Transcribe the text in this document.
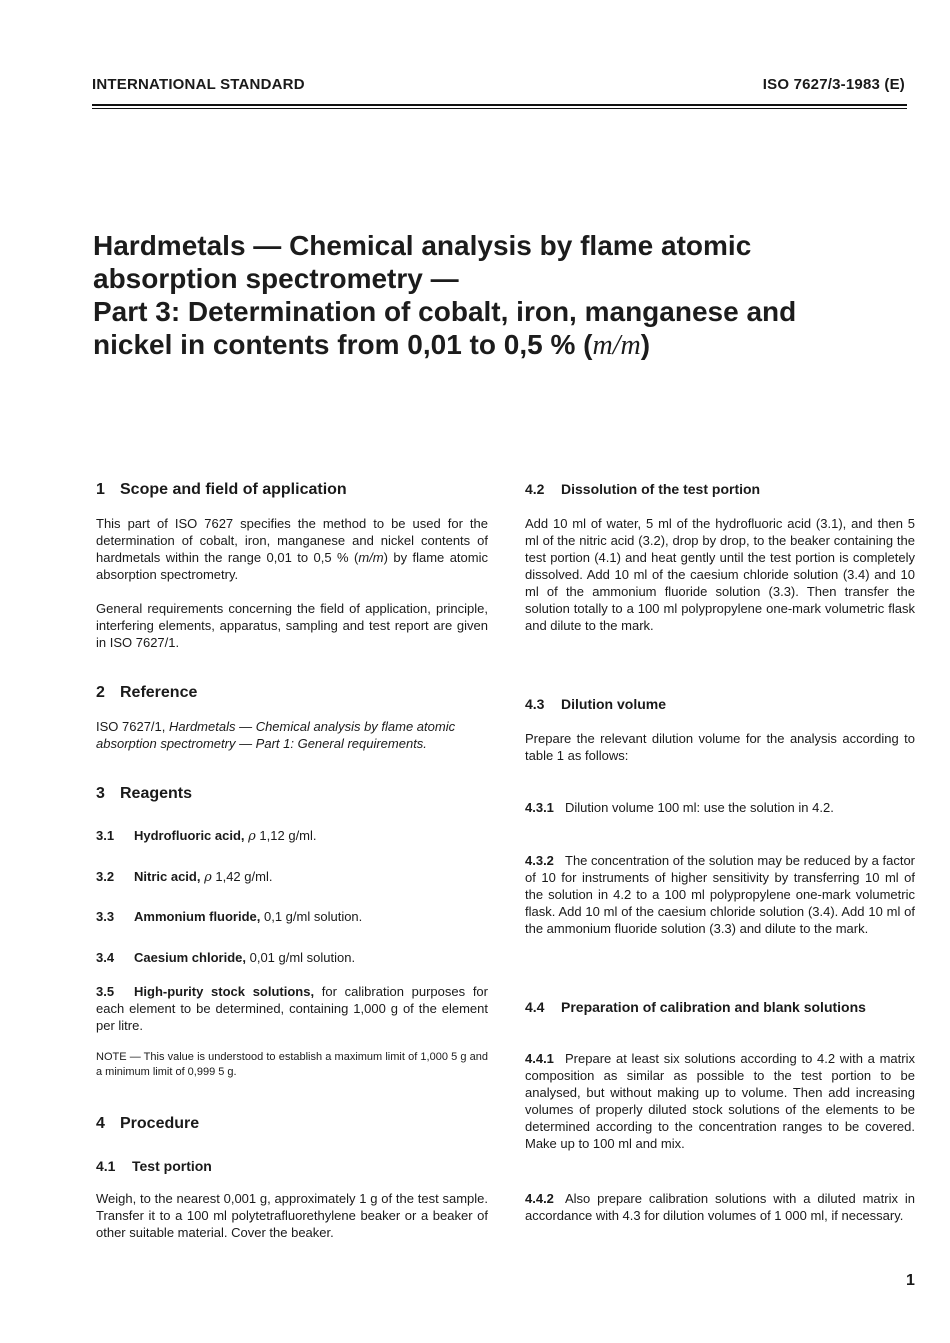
INTERNATIONAL STANDARD	ISO 7627/3-1983 (E)
Hardmetals — Chemical analysis by flame atomic
absorption spectrometry —
Part 3: Determination of cobalt, iron, manganese and
nickel in contents from 0,01 to 0,5 % (m/m)
1 Scope and field of application
This part of ISO 7627 specifies the method to be used for the determination of cobalt, iron, manganese and nickel contents of hardmetals within the range 0,01 to 0,5 % (m/m) by flame atomic absorption spectrometry.
General requirements concerning the field of application, principle, interfering elements, apparatus, sampling and test report are given in ISO 7627/1.
2 Reference
ISO 7627/1, Hardmetals — Chemical analysis by flame atomic absorption spectrometry — Part 1: General requirements.
3 Reagents
3.1 Hydrofluoric acid, ρ 1,12 g/ml.
3.2 Nitric acid, ρ 1,42 g/ml.
3.3 Ammonium fluoride, 0,1 g/ml solution.
3.4 Caesium chloride, 0,01 g/ml solution.
3.5 High-purity stock solutions, for calibration purposes for each element to be determined, containing 1,000 g of the element per litre.
NOTE — This value is understood to establish a maximum limit of 1,000 5 g and a minimum limit of 0,999 5 g.
4 Procedure
4.1 Test portion
Weigh, to the nearest 0,001 g, approximately 1 g of the test sample. Transfer it to a 100 ml polytetrafluorethylene beaker or a beaker of other suitable material. Cover the beaker.
4.2 Dissolution of the test portion
Add 10 ml of water, 5 ml of the hydrofluoric acid (3.1), and then 5 ml of the nitric acid (3.2), drop by drop, to the beaker containing the test portion (4.1) and heat gently until the test portion is completely dissolved. Add 10 ml of the caesium chloride solution (3.4) and 10 ml of the ammonium fluoride solution (3.3). Then transfer the solution totally to a 100 ml polypropylene one-mark volumetric flask and dilute to the mark.
4.3 Dilution volume
Prepare the relevant dilution volume for the analysis according to table 1 as follows:
4.3.1 Dilution volume 100 ml: use the solution in 4.2.
4.3.2 The concentration of the solution may be reduced by a factor of 10 for instruments of higher sensitivity by transferring 10 ml of the solution in 4.2 to a 100 ml polypropylene one-mark volumetric flask. Add 10 ml of the caesium chloride solution (3.4). Add 10 ml of the ammonium fluoride solution (3.3) and dilute to the mark.
4.4 Preparation of calibration and blank solutions
4.4.1 Prepare at least six solutions according to 4.2 with a matrix composition as similar as possible to the test portion to be analysed, but without making up to volume. Then add increasing volumes of properly diluted stock solutions of the elements to be determined according to the concentration ranges to be covered. Make up to 100 ml and mix.
4.4.2 Also prepare calibration solutions with a diluted matrix in accordance with 4.3 for dilution volumes of 1 000 ml, if necessary.
1
